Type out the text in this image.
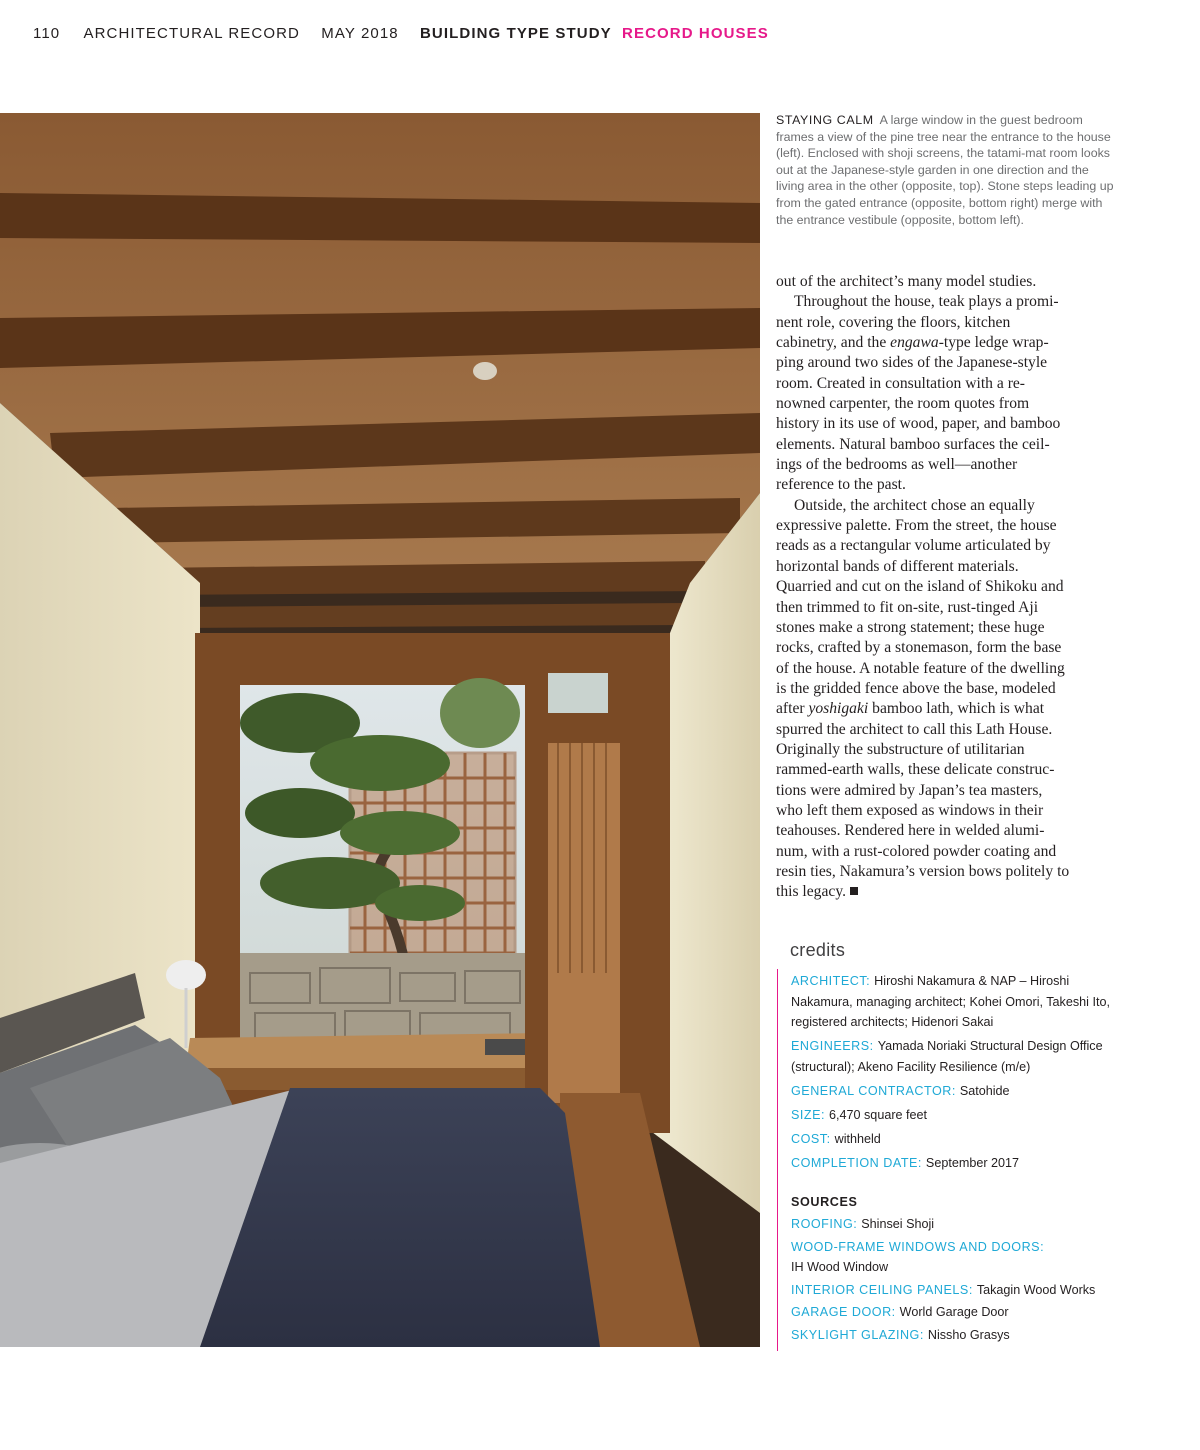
110 ARCHITECTURAL RECORD MAY 2018 BUILDING TYPE STUDY RECORD HOUSES
STAYING CALM A large window in the guest bedroom frames a view of the pine tree near the entrance to the house (left). Enclosed with shoji screens, the tatami-mat room looks out at the Japanese-style garden in one direction and the living area in the other (opposite, top). Stone steps leading up from the gated entrance (opposite, bottom right) merge with the entrance vestibule (opposite, bottom left).
out of the architect’s many model studies.
Throughout the house, teak plays a promi-
nent role, covering the floors, kitchen
cabinetry, and the engawa-type ledge wrap-
ping around two sides of the Japanese-style
room. Created in consultation with a re-
nowned carpenter, the room quotes from
history in its use of wood, paper, and bamboo
elements. Natural bamboo surfaces the ceil-
ings of the bedrooms as well—another
reference to the past.
Outside, the architect chose an equally
expressive palette. From the street, the house
reads as a rectangular volume articulated by
horizontal bands of different materials.
Quarried and cut on the island of Shikoku and
then trimmed to fit on-site, rust-tinged Aji
stones make a strong statement; these huge
rocks, crafted by a stonemason, form the base
of the house. A notable feature of the dwelling
is the gridded fence above the base, modeled
after yoshigaki bamboo lath, which is what
spurred the architect to call this Lath House.
Originally the substructure of utilitarian
rammed-earth walls, these delicate construc-
tions were admired by Japan’s tea masters,
who left them exposed as windows in their
teahouses. Rendered here in welded alumi-
num, with a rust-colored powder coating and
resin ties, Nakamura’s version bows politely to
this legacy.
credits
ARCHITECT: Hiroshi Nakamura & NAP – Hiroshi Nakamura, managing architect; Kohei Omori, Takeshi Ito, registered architects; Hidenori Sakai
ENGINEERS: Yamada Noriaki Structural Design Office (structural); Akeno Facility Resilience (m/e)
GENERAL CONTRACTOR: Satohide
SIZE: 6,470 square feet
COST: withheld
COMPLETION DATE: September 2017
SOURCES
ROOFING: Shinsei Shoji
WOOD-FRAME WINDOWS AND DOORS:
IH Wood Window
INTERIOR CEILING PANELS: Takagin Wood Works
GARAGE DOOR: World Garage Door
SKYLIGHT GLAZING: Nissho Grasys
